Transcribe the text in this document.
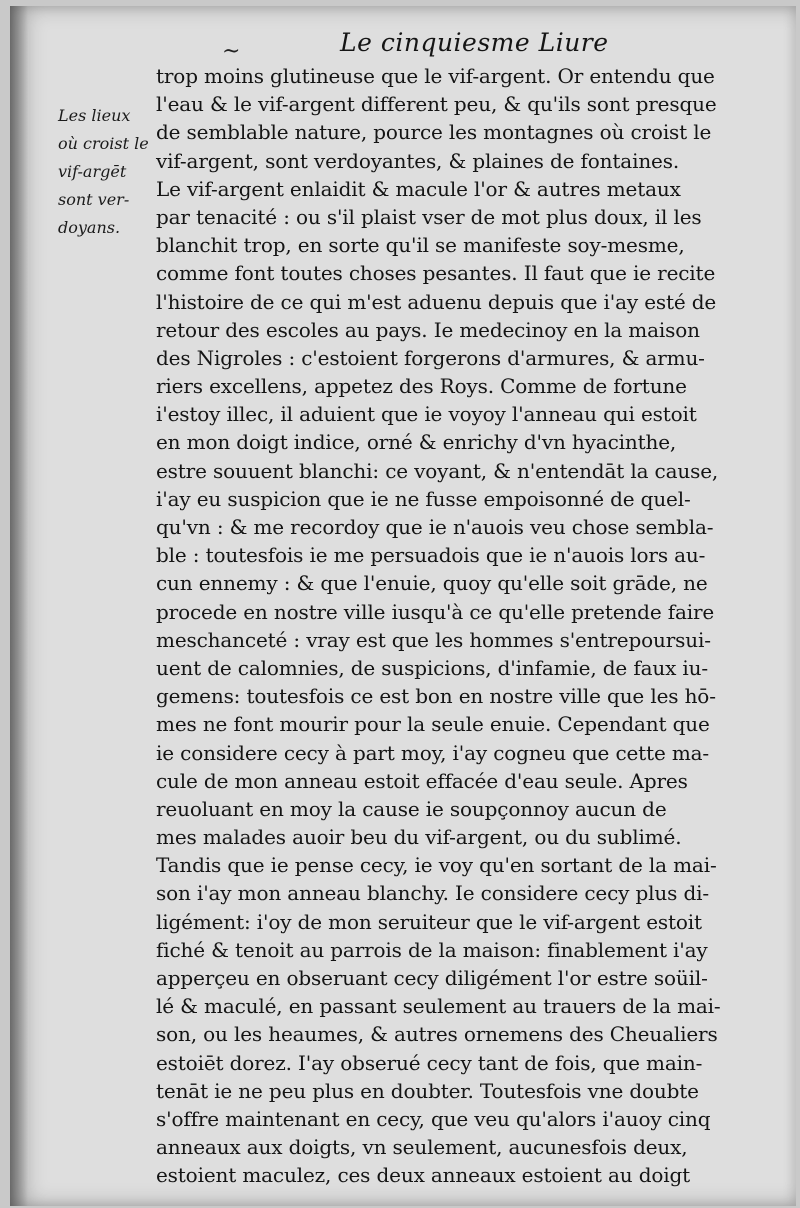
~	Le cinquiesme Liure
Les lieux
où croist le
vif-argēt
sont ver-
doyans.
trop moins glutineuse que le vif-argent. Or entendu que
l'eau & le vif-argent different peu, & qu'ils sont presque
de semblable nature, pource les montagnes où croist le
vif-argent, sont verdoyantes, & plaines de fontaines.
Le vif-argent enlaidit & macule l'or & autres metaux
par tenacité : ou s'il plaist vser de mot plus doux, il les
blanchit trop, en sorte qu'il se manifeste soy-mesme,
comme font toutes choses pesantes. Il faut que ie recite
l'histoire de ce qui m'est aduenu depuis que i'ay esté de
retour des escoles au pays. Ie medecinoy en la maison
des Nigroles : c'estoient forgerons d'armures, & armu-
riers excellens, appetez des Roys. Comme de fortune
i'estoy illec, il aduient que ie voyoy l'anneau qui estoit
en mon doigt indice, orné & enrichy d'vn hyacinthe,
estre souuent blanchi: ce voyant, & n'entendāt la cause,
i'ay eu suspicion que ie ne fusse empoisonné de quel-
qu'vn : & me recordoy que ie n'auois veu chose sembla-
ble : toutesfois ie me persuadois que ie n'auois lors au-
cun ennemy : & que l'enuie, quoy qu'elle soit grāde, ne
procede en nostre ville iusqu'à ce qu'elle pretende faire
meschanceté : vray est que les hommes s'entrepoursui-
uent de calomnies, de suspicions, d'infamie, de faux iu-
gemens: toutesfois ce est bon en nostre ville que les hō-
mes ne font mourir pour la seule enuie. Cependant que
ie considere cecy à part moy, i'ay cogneu que cette ma-
cule de mon anneau estoit effacée d'eau seule. Apres
reuoluant en moy la cause ie soupçonnoy aucun de
mes malades auoir beu du vif-argent, ou du sublimé.
Tandis que ie pense cecy, ie voy qu'en sortant de la mai-
son i'ay mon anneau blanchy. Ie considere cecy plus di-
ligément: i'oy de mon seruiteur que le vif-argent estoit
fiché & tenoit au parrois de la maison: finablement i'ay
apperçeu en obseruant cecy diligément l'or estre soüil-
lé & maculé, en passant seulement au trauers de la mai-
son, ou les heaumes, & autres ornemens des Cheualiers
estoiēt dorez. I'ay obserué cecy tant de fois, que main-
tenāt ie ne peu plus en doubter. Toutesfois vne doubte
s'offre maintenant en cecy, que veu qu'alors i'auoy cinq
anneaux aux doigts, vn seulement, aucunesfois deux,
estoient maculez, ces deux anneaux estoient au doigt
